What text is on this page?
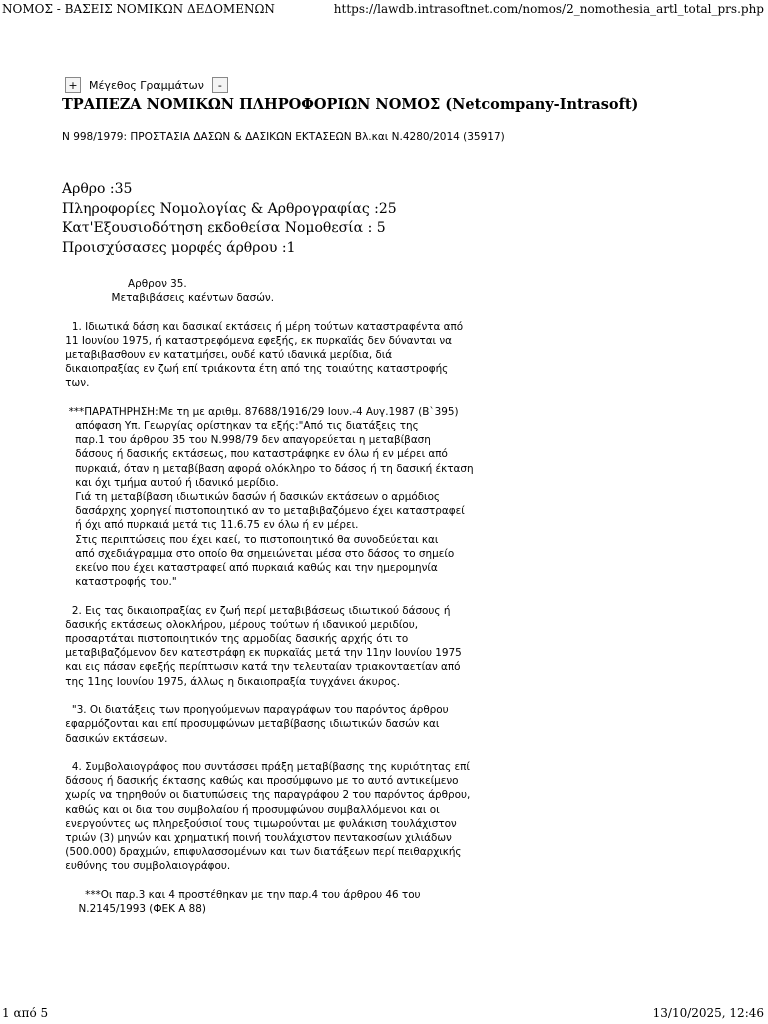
ΝΟΜΟΣ - ΒΑΣΕΙΣ ΝΟΜΙΚΩΝ ΔΕΔΟΜΕΝΩΝ	https://lawdb.intrasoftnet.com/nomos/2_nomothesia_artl_total_prs.php
+	Μέγεθος Γραμμάτων	-
ΤΡΑΠΕΖΑ ΝΟΜΙΚΩΝ ΠΛΗΡΟΦΟΡΙΩΝ ΝΟΜΟΣ (Netcompany-Intrasoft)
Ν 998/1979: ΠΡΟΣΤΑΣΙΑ ΔΑΣΩΝ & ΔΑΣΙΚΩΝ ΕΚΤΑΣΕΩΝ Βλ.και Ν.4280/2014 (35917)
Αρθρο :35
Πληροφορίες Νομολογίας & Αρθρογραφίας :25
Κατ'Εξουσιοδότηση εκδοθείσα Νομοθεσία : 5
Προισχύσασες μορφές άρθρου :1
Αρθρον 35.
Μεταβιβάσεις καέντων δασών.

1. Ιδιωτικά δάση και δασικαί εκτάσεις ή μέρη τούτων καταστραφέντα από
11 Ιουνίου 1975, ή καταστρεφόμενα εφεξής, εκ πυρκαϊάς δεν δύνανται να
μεταβιβασθουν εν κατατμήσει, ουδέ κατύ ιδανικά μερίδια, διά
δικαιοπραξίας εν ζωή επί τριάκοντα έτη από της τοιαύτης καταστροφής
των.

***ΠΑΡΑΤΗΡΗΣΗ:Με τη με αριθμ. 87688/1916/29 Ιουν.-4 Αυγ.1987 (Β`395)
απόφαση Υπ. Γεωργίας ορίστηκαν τα εξής:"Από τις διατάξεις της
παρ.1 του άρθρου 35 του Ν.998/79 δεν απαγορεύεται η μεταβίβαση
δάσους ή δασικής εκτάσεως, που καταστράφηκε εν όλω ή εν μέρει από
πυρκαιά, όταν η μεταβίβαση αφορά ολόκληρο το δάσος ή τη δασική έκταση
και όχι τμήμα αυτού ή ιδανικό μερίδιο.
Γιά τη μεταβίβαση ιδιωτικών δασών ή δασικών εκτάσεων ο αρμόδιος
δασάρχης χορηγεί πιστοποιητικό αν το μεταβιβαζόμενο έχει καταστραφεί
ή όχι από πυρκαιά μετά τις 11.6.75 εν όλω ή εν μέρει.
Στις περιπτώσεις που έχει καεί, το πιστοποιητικό θα συνοδεύεται και
από σχεδιάγραμμα στο οποίο θα σημειώνεται μέσα στο δάσος το σημείο
εκείνο που έχει καταστραφεί από πυρκαιά καθώς και την ημερομηνία
καταστροφής του."

2. Εις τας δικαιοπραξίας εν ζωή περί μεταβιβάσεως ιδιωτικού δάσους ή
δασικής εκτάσεως ολοκλήρου, μέρους τούτων ή ιδανικού μεριδίου,
προσαρτάται πιστοποιητικόν της αρμοδίας δασικής αρχής ότι το
μεταβιβαζόμενον δεν κατεστράφη εκ πυρκαϊάς μετά την 11ην Ιουνίου 1975
και εις πάσαν εφεξής περίπτωσιν κατά την τελευταίαν τριακονταετίαν από
της 11ης Ιουνίου 1975, άλλως η δικαιοπραξία τυγχάνει άκυρος.

"3. Οι διατάξεις των προηγούμενων παραγράφων του παρόντος άρθρου
εφαρμόζονται και επί προσυμφώνων μεταβίβασης ιδιωτικών δασών και
δασικών εκτάσεων.

4. Συμβολαιογράφος που συντάσσει πράξη μεταβίβασης της κυριότητας επί
δάσους ή δασικής έκτασης καθώς και προσύμφωνο με το αυτό αντικείμενο
χωρίς να τηρηθούν οι διατυπώσεις της παραγράφου 2 του παρόντος άρθρου,
καθώς και οι δια του συμβολαίου ή προσυμφώνου συμβαλλόμενοι και οι
ενεργούντες ως πληρεξούσιοί τους τιμωρούνται με φυλάκιση τουλάχιστον
τριών (3) μηνών και χρηματική ποινή τουλάχιστον πεντακοσίων χιλιάδων
(500.000) δραχμών, επιφυλασσομένων και των διατάξεων περί πειθαρχικής
ευθύνης του συμβολαιογράφου.

***Οι παρ.3 και 4 προστέθηκαν με την παρ.4 του άρθρου 46 του
Ν.2145/1993 (ΦΕΚ Α 88)
1 από 5	13/10/2025, 12:46
